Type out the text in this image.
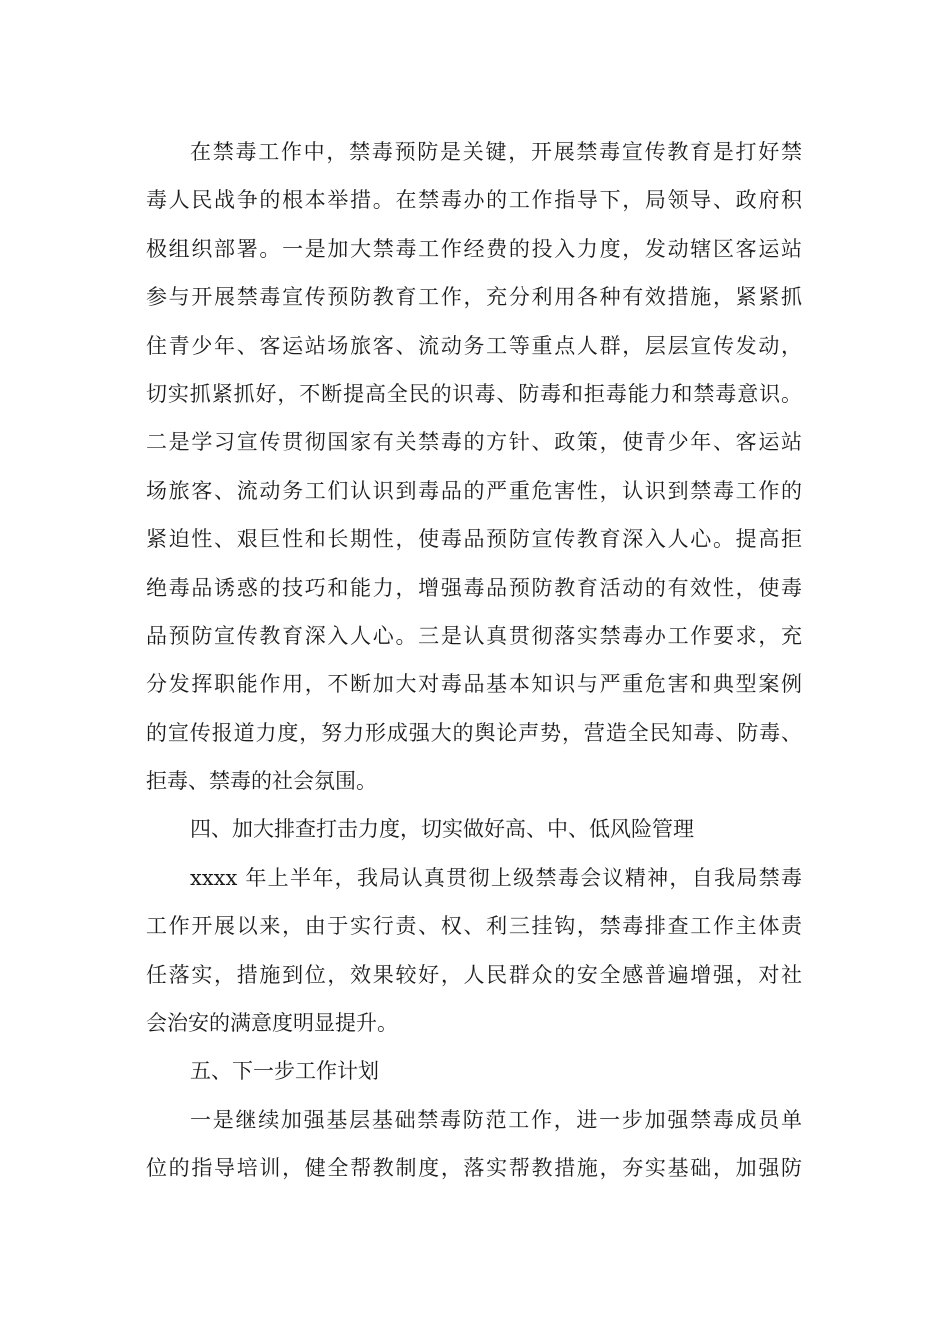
在禁毒工作中，禁毒预防是关键，开展禁毒宣传教育是打好禁
毒人民战争的根本举措。在禁毒办的工作指导下，局领导、政府积
极组织部署。一是加大禁毒工作经费的投入力度，发动辖区客运站
参与开展禁毒宣传预防教育工作，充分利用各种有效措施，紧紧抓
住青少年、客运站场旅客、流动务工等重点人群，层层宣传发动，
切实抓紧抓好，不断提高全民的识毒、防毒和拒毒能力和禁毒意识。
二是学习宣传贯彻国家有关禁毒的方针、政策，使青少年、客运站
场旅客、流动务工们认识到毒品的严重危害性，认识到禁毒工作的
紧迫性、艰巨性和长期性，使毒品预防宣传教育深入人心。提高拒
绝毒品诱惑的技巧和能力，增强毒品预防教育活动的有效性，使毒
品预防宣传教育深入人心。三是认真贯彻落实禁毒办工作要求，充
分发挥职能作用，不断加大对毒品基本知识与严重危害和典型案例
的宣传报道力度，努力形成强大的舆论声势，营造全民知毒、防毒、
拒毒、禁毒的社会氛围。
四、加大排查打击力度，切实做好高、中、低风险管理
xxxx 年上半年，我局认真贯彻上级禁毒会议精神，自我局禁毒
工作开展以来，由于实行责、权、利三挂钩，禁毒排查工作主体责
任落实，措施到位，效果较好，人民群众的安全感普遍增强，对社
会治安的满意度明显提升。
五、下一步工作计划
一是继续加强基层基础禁毒防范工作，进一步加强禁毒成员单
位的指导培训，健全帮教制度，落实帮教措施，夯实基础，加强防
